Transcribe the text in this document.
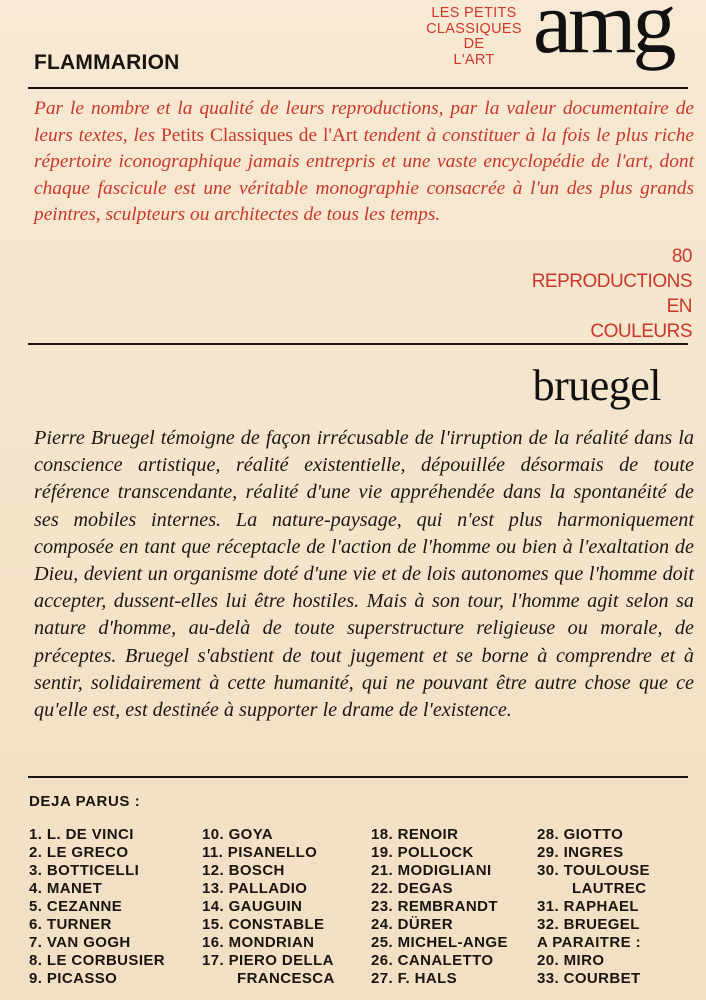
FLAMMARION
LES PETITS
CLASSIQUES
DE
L'ART amg

Par le nombre et la qualité de leurs reproductions, par la valeur documentaire de leurs textes, les Petits Classiques de l'Art tendent à constituer à la fois le plus riche répertoire iconographique jamais entrepris et une vaste encyclopédie de l'art, dont chaque fascicule est une véritable monographie consacrée à l'un des plus grands peintres, sculpteurs ou architectes de tous les temps.

80
REPRODUCTIONS
EN
COULEURS
bruegel

Pierre Bruegel témoigne de façon irrécusable de l'irruption de la réalité dans la conscience artistique, réalité existentielle, dépouillée désormais de toute référence transcendante, réalité d'une vie appréhendée dans la spontanéité de ses mobiles internes. La nature-paysage, qui n'est plus harmoniquement composée en tant que réceptacle de l'action de l'homme ou bien à l'exaltation de Dieu, devient un organisme doté d'une vie et de lois autonomes que l'homme doit accepter, dussent-elles lui être hostiles. Mais à son tour, l'homme agit selon sa nature d'homme, au-delà de toute superstructure religieuse ou morale, de préceptes. Bruegel s'abstient de tout jugement et se borne à comprendre et à sentir, solidairement à cette humanité, qui ne pouvant être autre chose que ce qu'elle est, est destinée à supporter le drame de l'existence.

DEJA PARUS :
1. L. DE VINCI
2. LE GRECO
3. BOTTICELLI
4. MANET
5. CEZANNE
6. TURNER
7. VAN GOGH
8. LE CORBUSIER
9. PICASSO
10. GOYA
11. PISANELLO
12. BOSCH
13. PALLADIO
14. GAUGUIN
15. CONSTABLE
16. MONDRIAN
17. PIERO DELLA
FRANCESCA
18. RENOIR
19. POLLOCK
21. MODIGLIANI
22. DEGAS
23. REMBRANDT
24. DÜRER
25. MICHEL-ANGE
26. CANALETTO
27. F. HALS
28. GIOTTO
29. INGRES
30. TOULOUSE
LAUTREC
31. RAPHAEL
32. BRUEGEL
A PARAITRE :
20. MIRO
33. COURBET
